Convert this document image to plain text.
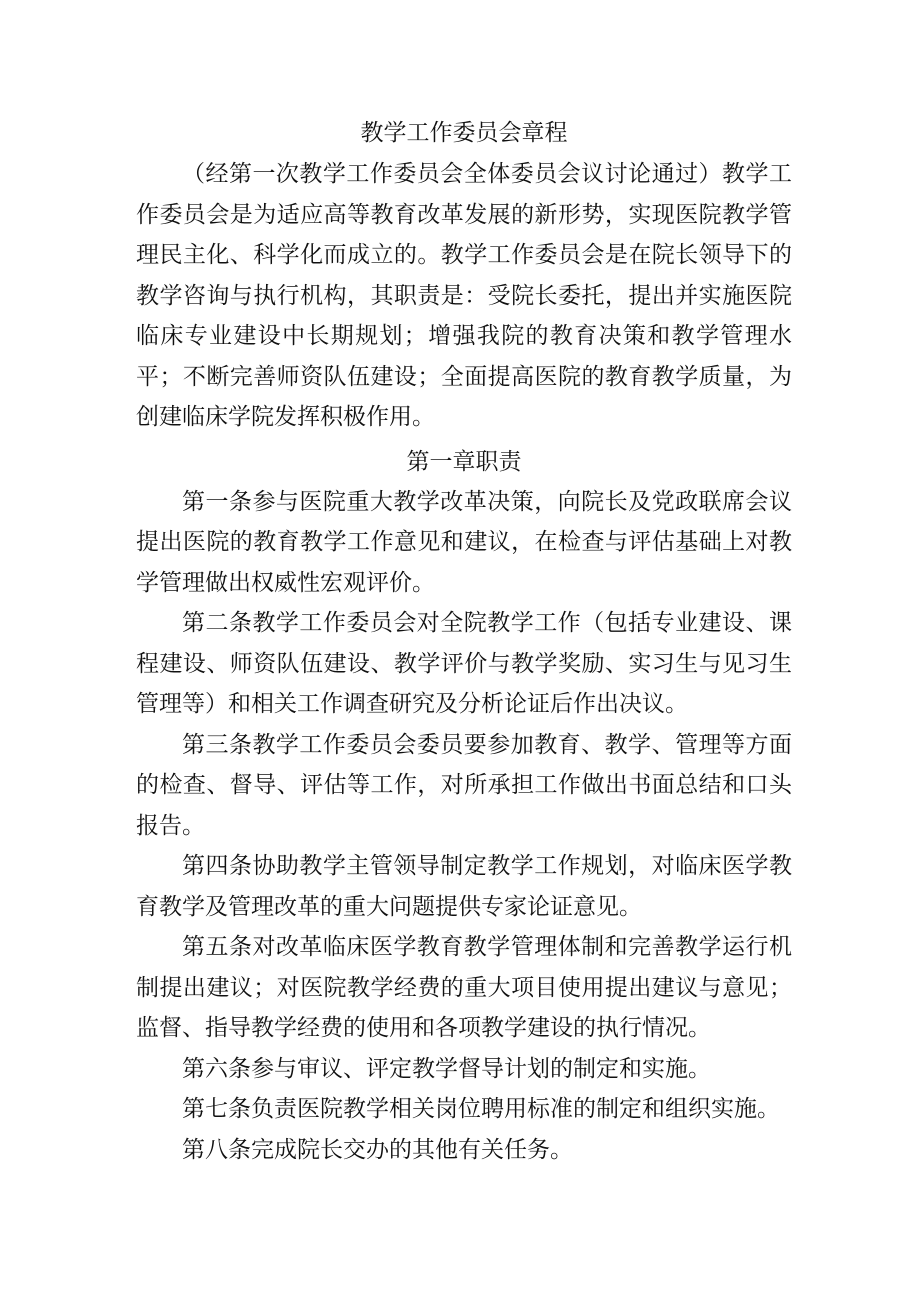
教学工作委员会章程

（经第一次教学工作委员会全体委员会议讨论通过）教学工作委员会是为适应高等教育改革发展的新形势，实现医院教学管理民主化、科学化而成立的。教学工作委员会是在院长领导下的教学咨询与执行机构，其职责是：受院长委托，提出并实施医院临床专业建设中长期规划；增强我院的教育决策和教学管理水平；不断完善师资队伍建设；全面提高医院的教育教学质量，为创建临床学院发挥积极作用。

第一章职责

第一条参与医院重大教学改革决策，向院长及党政联席会议提出医院的教育教学工作意见和建议，在检查与评估基础上对教学管理做出权威性宏观评价。

第二条教学工作委员会对全院教学工作（包括专业建设、课程建设、师资队伍建设、教学评价与教学奖励、实习生与见习生管理等）和相关工作调查研究及分析论证后作出决议。

第三条教学工作委员会委员要参加教育、教学、管理等方面的检查、督导、评估等工作，对所承担工作做出书面总结和口头报告。

第四条协助教学主管领导制定教学工作规划，对临床医学教育教学及管理改革的重大问题提供专家论证意见。

第五条对改革临床医学教育教学管理体制和完善教学运行机制提出建议；对医院教学经费的重大项目使用提出建议与意见；监督、指导教学经费的使用和各项教学建设的执行情况。

第六条参与审议、评定教学督导计划的制定和实施。

第七条负责医院教学相关岗位聘用标准的制定和组织实施。

第八条完成院长交办的其他有关任务。
